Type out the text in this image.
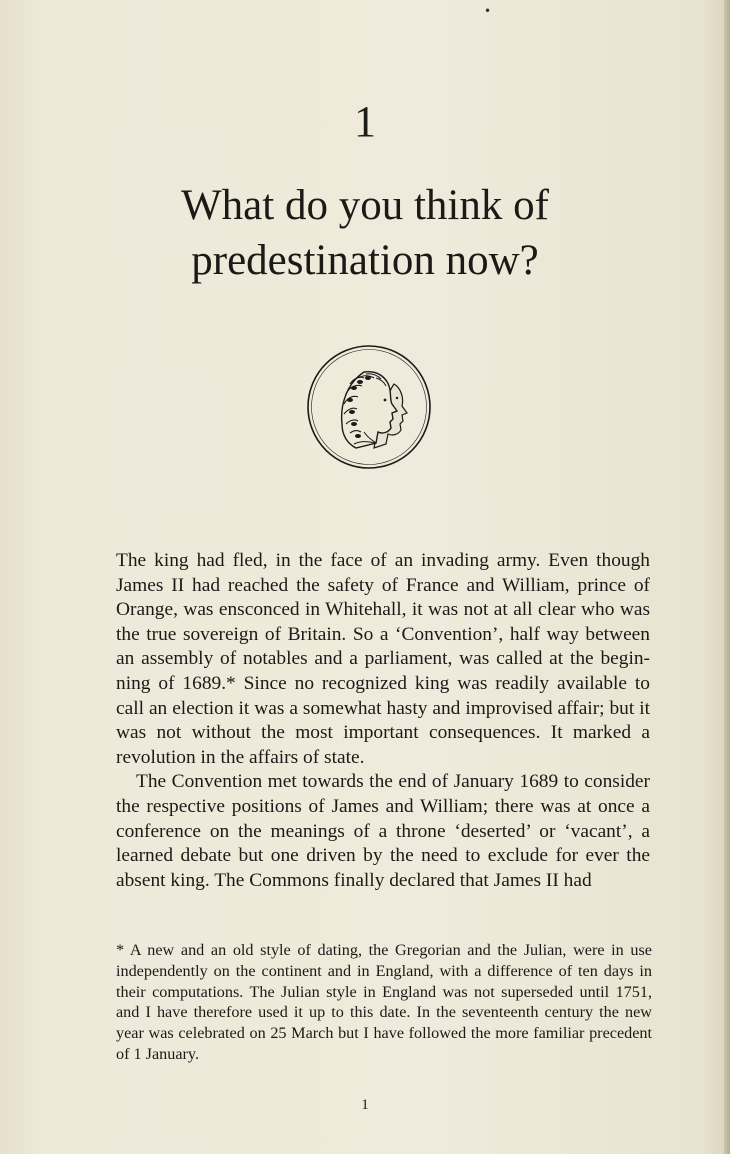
•
1
What do you think of
predestination now?

The king had fled, in the face of an invading army. Even though James II had reached the safety of France and William, prince of Orange, was ensconced in Whitehall, it was not at all clear who was the true sovereign of Britain. So a ‘Convention’, half way between an assembly of notables and a parliament, was called at the beginning of 1689.* Since no recognized king was readily available to call an election it was a somewhat hasty and improvised affair; but it was not without the most important consequences. It marked a revolution in the affairs of state.

The Convention met towards the end of January 1689 to consider the respective positions of James and William; there was at once a conference on the meanings of a throne ‘deserted’ or ‘vacant’, a learned debate but one driven by the need to exclude for ever the absent king. The Commons finally declared that James II had

* A new and an old style of dating, the Gregorian and the Julian, were in use independently on the continent and in England, with a difference of ten days in their computations. The Julian style in England was not superseded until 1751, and I have therefore used it up to this date. In the seventeenth century the new year was celebrated on 25 March but I have followed the more familiar precedent of 1 January.
1
